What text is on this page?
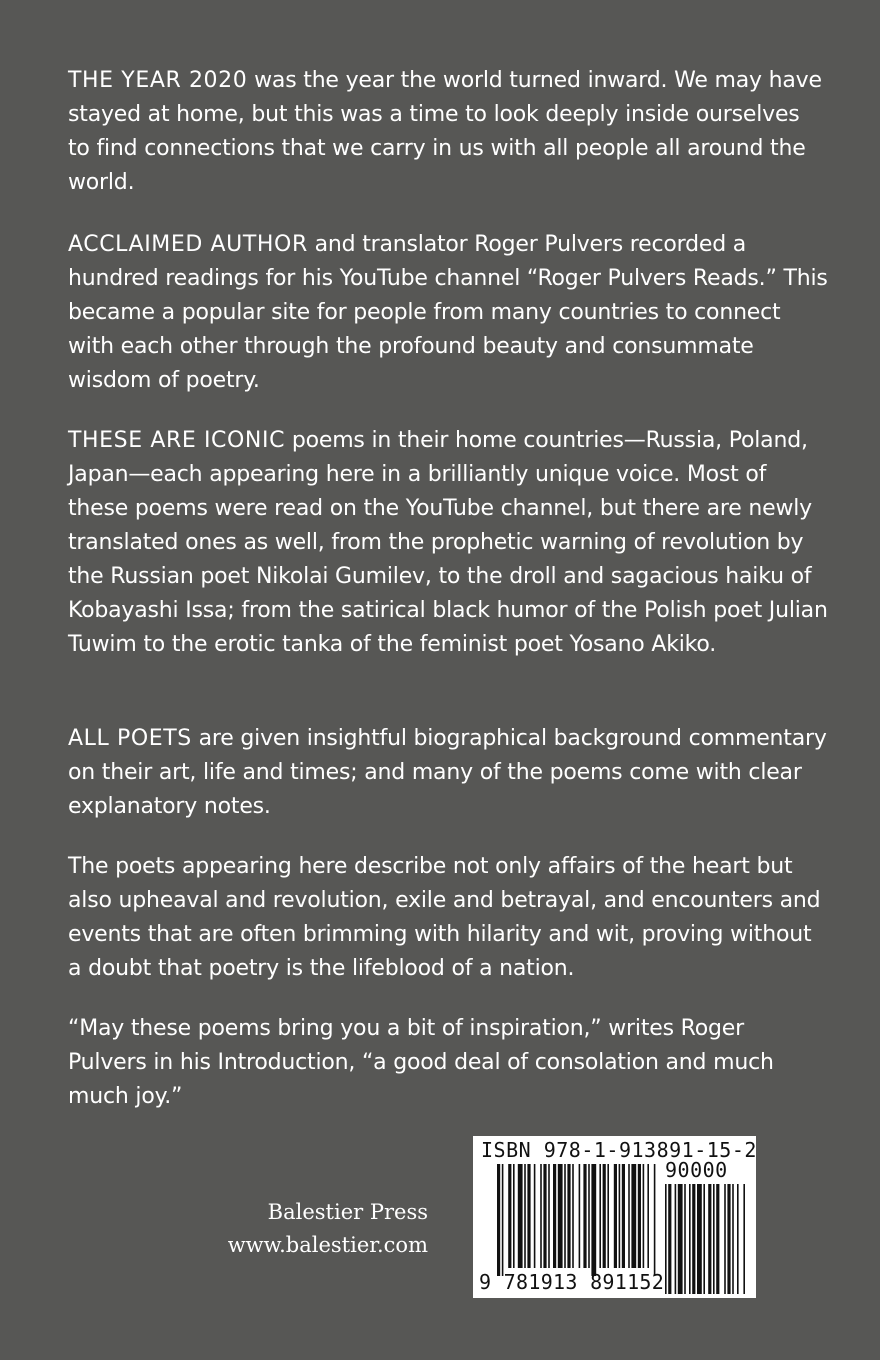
THE YEAR 2020 was the year the world turned inward. We may have stayed at home, but this was a time to look deeply inside ourselves to find connections that we carry in us with all people all around the world.

ACCLAIMED AUTHOR and translator Roger Pulvers recorded a hundred readings for his YouTube channel “Roger Pulvers Reads.” This became a popular site for people from many countries to connect with each other through the profound beauty and consummate wisdom of poetry.

THESE ARE ICONIC poems in their home countries—Russia, Poland, Japan—each appearing here in a brilliantly unique voice. Most of these poems were read on the YouTube channel, but there are newly translated ones as well, from the prophetic warning of revolution by the Russian poet Nikolai Gumilev, to the droll and sagacious haiku of Kobayashi Issa; from the satirical black humor of the Polish poet Julian Tuwim to the erotic tanka of the feminist poet Yosano Akiko.

ALL POETS are given insightful biographical background commentary on their art, life and times; and many of the poems come with clear explanatory notes.

The poets appearing here describe not only affairs of the heart but also upheaval and revolution, exile and betrayal, and encounters and events that are often brimming with hilarity and wit, proving without a doubt that poetry is the lifeblood of a nation.

“May these poems bring you a bit of inspiration,” writes Roger Pulvers in his Introduction, “a good deal of consolation and much much joy.”

Balestier Press
www.balestier.com
ISBN 978-1-913891-15-2
90000
9 781913 891152
